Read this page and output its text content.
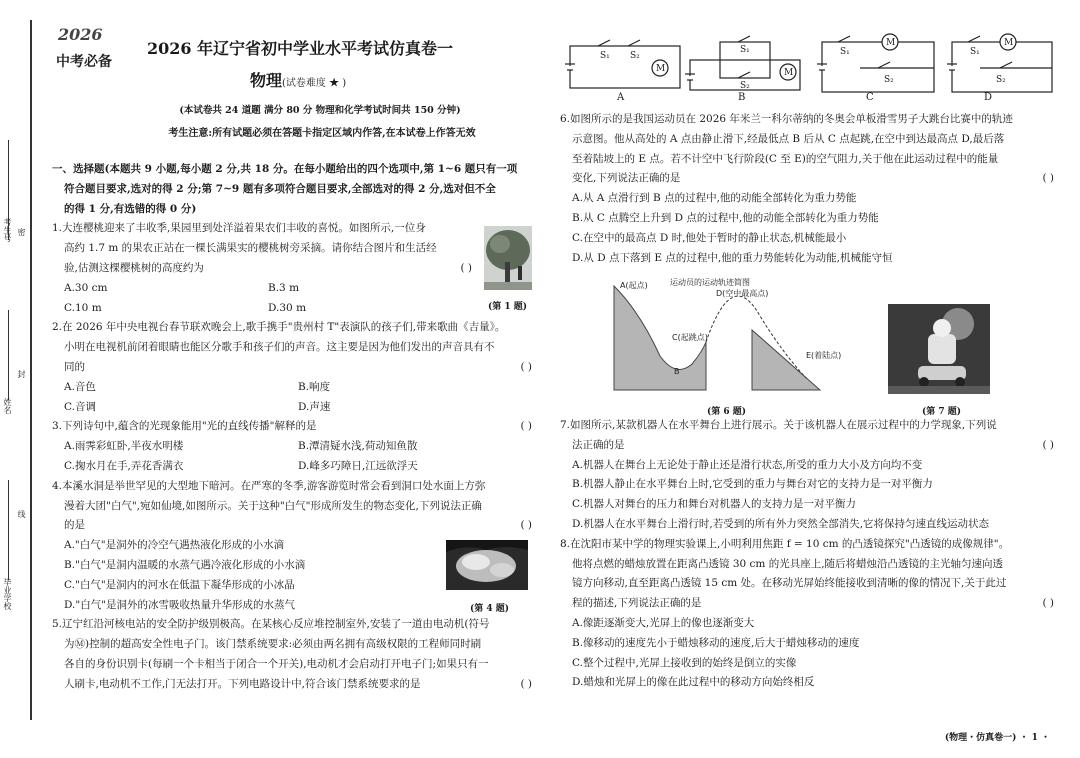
考生号
姓名
毕业学校
密
封
线
2026
中考必备
2026 年辽宁省初中学业水平考试仿真卷一
物理(试卷难度 ★ )
(本试卷共 24 道题 满分 80 分 物理和化学考试时间共 150 分钟)
考生注意:所有试题必须在答题卡指定区域内作答,在本试卷上作答无效

一、选择题(本题共 9 小题,每小题 2 分,共 18 分。在每小题给出的四个选项中,第 1~6 题只有一项

符合题目要求,选对的得 2 分;第 7~9 题有多项符合题目要求,全部选对的得 2 分,选对但不全

的得 1 分,有选错的得 0 分)

1.大连樱桃迎来了丰收季,果园里到处洋溢着果农们丰收的喜悦。如图所示,一位身

高约 1.7 m 的果农正站在一棵长满果实的樱桃树旁采摘。请你结合图片和生活经

验,估测这棵樱桃树的高度约为	( )

A.30 cm	B.3 m
C.10 m	D.30 m

2.在 2026 年中央电视台春节联欢晚会上,歌手携手"贵州村 T"表演队的孩子们,带来歌曲《吉量》。

小明在电视机前闭着眼睛也能区分歌手和孩子们的声音。这主要是因为他们发出的声音具有不

同的	( )

A.音色	B.响度
C.音调	D.声速

3.下列诗句中,蕴含的光现象能用"光的直线传播"解释的是	( )

A.雨霁彩虹卧,半夜水明楼	B.潭清疑水浅,荷动知鱼散
C.掬水月在手,弄花香满衣	D.峰多巧障日,江远欲浮天

4.本溪水洞是举世罕见的大型地下暗河。在严寒的冬季,游客游览时常会看到洞口处水面上方弥

漫着大团"白气",宛如仙境,如图所示。关于这种"白气"形成所发生的物态变化,下列说法正确

的是	( )

A."白气"是洞外的冷空气遇热液化形成的小水滴

B."白气"是洞内温暖的水蒸气遇冷液化形成的小水滴

C."白气"是洞内的河水在低温下凝华形成的小冰晶

D."白气"是洞外的冰雪吸收热量升华形成的水蒸气

5.辽宁红沿河核电站的安全防护级别极高。在某核心反应堆控制室外,安装了一道由电动机(符号

为Ⓜ)控制的超高安全性电子门。该门禁系统要求:必须由两名拥有高级权限的工程师同时刷

各自的身份识别卡(每刷一个卡相当于闭合一个开关),电动机才会启动打开电子门;如果只有一

人刷卡,电动机不工作,门无法打开。下列电路设计中,符合该门禁系统要求的是	( )

(第 1 题)
(第 4 题)
M
S₁ S₂
M
S₁
S₂
M
S₁
S₂
M
S₁
S₂
A	B	C	D

6.如图所示的是我国运动员在 2026 年米兰一科尔蒂纳的冬奥会单板滑雪男子大跳台比赛中的轨迹

示意图。他从高处的 A 点由静止滑下,经最低点 B 后从 C 点起跳,在空中到达最高点 D,最后落

至着陆坡上的 E 点。若不计空中飞行阶段(C 至 E)的空气阻力,关于他在此运动过程中的能量

变化,下列说法正确的是	( )

A.从 A 点滑行到 B 点的过程中,他的动能全部转化为重力势能

B.从 C 点腾空上升到 D 点的过程中,他的动能全部转化为重力势能

C.在空中的最高点 D 时,他处于暂时的静止状态,机械能最小

D.从 D 点下落到 E 点的过程中,他的重力势能转化为动能,机械能守恒

运动员的运动轨迹简图
A(起点)
B
C(起跳点)
D(空中最高点)
E(着陆点)
(第 6 题)	(第 7 题)

7.如图所示,某款机器人在水平舞台上进行展示。关于该机器人在展示过程中的力学现象,下列说

法正确的是	( )

A.机器人在舞台上无论处于静止还是滑行状态,所受的重力大小及方向均不变

B.机器人静止在水平舞台上时,它受到的重力与舞台对它的支持力是一对平衡力

C.机器人对舞台的压力和舞台对机器人的支持力是一对平衡力

D.机器人在水平舞台上滑行时,若受到的所有外力突然全部消失,它将保持匀速直线运动状态

8.在沈阳市某中学的物理实验课上,小明利用焦距 f = 10 cm 的凸透镜探究"凸透镜的成像规律"。

他将点燃的蜡烛放置在距离凸透镜 30 cm 的光具座上,随后将蜡烛沿凸透镜的主光轴匀速向透

镜方向移动,直至距离凸透镜 15 cm 处。在移动光屏始终能接收到清晰的像的情况下,关于此过

程的描述,下列说法正确的是	( )

A.像距逐渐变大,光屏上的像也逐渐变大

B.像移动的速度先小于蜡烛移动的速度,后大于蜡烛移动的速度

C.整个过程中,光屏上接收到的始终是倒立的实像

D.蜡烛和光屏上的像在此过程中的移动方向始终相反

(物理・仿真卷一) ・ 1 ・
